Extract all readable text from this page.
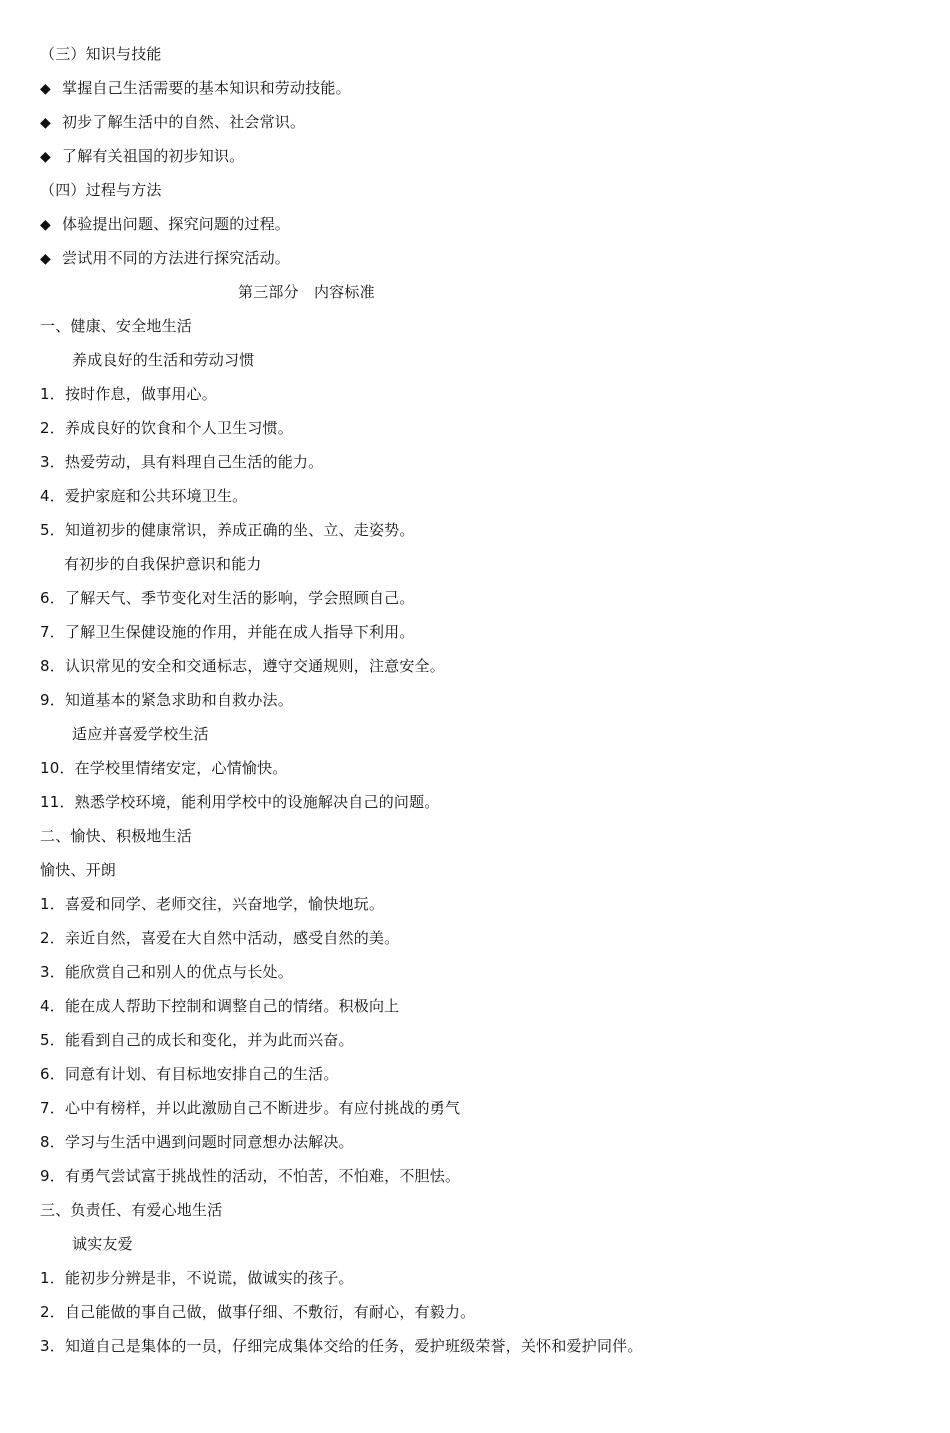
（三）知识与技能
◆ 掌握自己生活需要的基本知识和劳动技能。
◆ 初步了解生活中的自然、社会常识。
◆ 了解有关祖国的初步知识。
（四）过程与方法
◆ 体验提出问题、探究问题的过程。
◆ 尝试用不同的方法进行探究活动。
第三部分　内容标准
一、健康、安全地生活
养成良好的生活和劳动习惯
1．按时作息，做事用心。
2．养成良好的饮食和个人卫生习惯。
3．热爱劳动，具有料理自己生活的能力。
4．爱护家庭和公共环境卫生。
5．知道初步的健康常识，养成正确的坐、立、走姿势。
有初步的自我保护意识和能力
6．了解天气、季节变化对生活的影响，学会照顾自己。
7．了解卫生保健设施的作用，并能在成人指导下利用。
8．认识常见的安全和交通标志，遵守交通规则，注意安全。
9．知道基本的紧急求助和自救办法。
适应并喜爱学校生活
10．在学校里情绪安定，心情愉快。
11．熟悉学校环境，能利用学校中的设施解决自己的问题。
二、愉快、积极地生活
愉快、开朗
1．喜爱和同学、老师交往，兴奋地学，愉快地玩。
2．亲近自然，喜爱在大自然中活动，感受自然的美。
3．能欣赏自己和别人的优点与长处。
4．能在成人帮助下控制和调整自己的情绪。积极向上
5．能看到自己的成长和变化，并为此而兴奋。
6．同意有计划、有目标地安排自己的生活。
7．心中有榜样，并以此激励自己不断进步。有应付挑战的勇气
8．学习与生活中遇到问题时同意想办法解决。
9．有勇气尝试富于挑战性的活动，不怕苦，不怕难，不胆怯。
三、负责任、有爱心地生活
诚实友爱
1．能初步分辨是非，不说谎，做诚实的孩子。
2．自己能做的事自己做，做事仔细、不敷衍，有耐心，有毅力。
3．知道自己是集体的一员，仔细完成集体交给的任务，爱护班级荣誉，关怀和爱护同伴。
